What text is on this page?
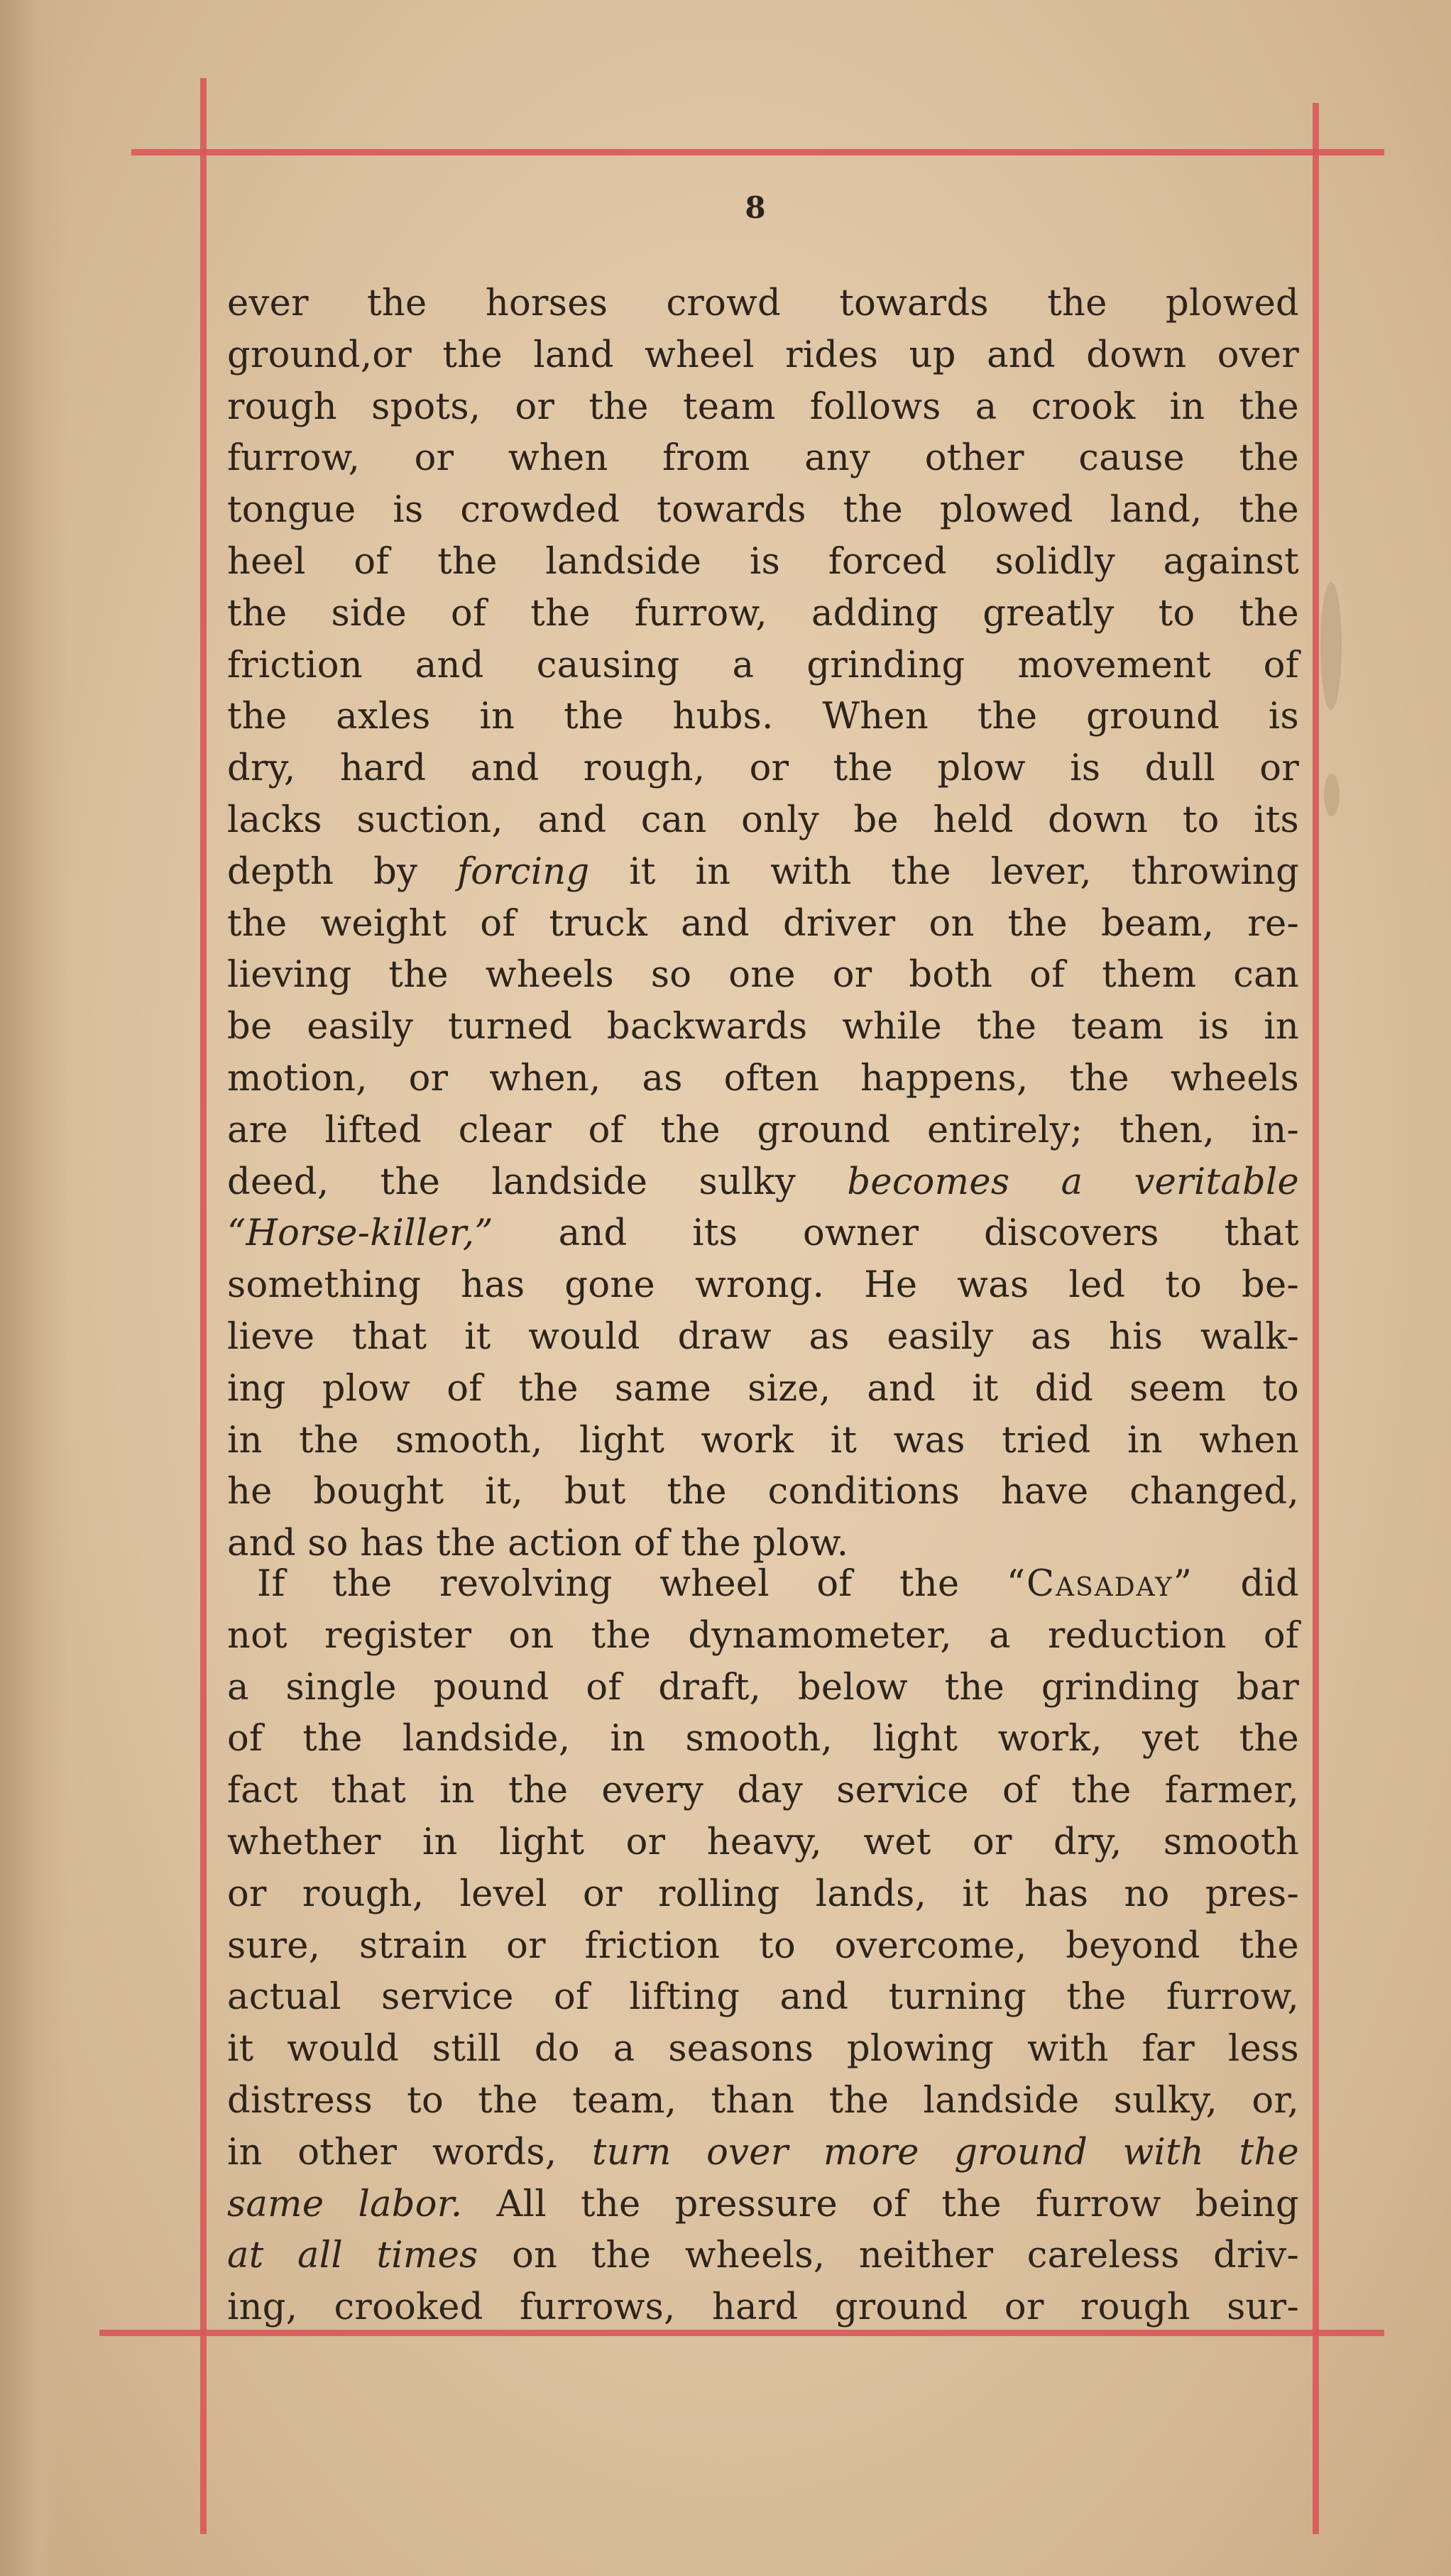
8
ever the horses crowd towards the plowed
ground,or the land wheel rides up and down over
rough spots, or the team follows a crook in the
furrow, or when from any other cause the
tongue is crowded towards the plowed land, the
heel of the landside is forced solidly against
the side of the furrow, adding greatly to the
friction and causing a grinding movement of
the axles in the hubs. When the ground is
dry, hard and rough, or the plow is dull or
lacks suction, and can only be held down to its
depth by forcing it in with the lever, throwing
the weight of truck and driver on the beam, re-
lieving the wheels so one or both of them can
be easily turned backwards while the team is in
motion, or when, as often happens, the wheels
are lifted clear of the ground entirely; then, in-
deed, the landside sulky becomes a veritable
“Horse-killer,” and its owner discovers that
something has gone wrong. He was led to be-
lieve that it would draw as easily as his walk-
ing plow of the same size, and it did seem to
in the smooth, light work it was tried in when
he bought it, but the conditions have changed,
and so has the action of the plow.
If the revolving wheel of the “Casaday” did
not register on the dynamometer, a reduction of
a single pound of draft, below the grinding bar
of the landside, in smooth, light work, yet the
fact that in the every day service of the farmer,
whether in light or heavy, wet or dry, smooth
or rough, level or rolling lands, it has no pres-
sure, strain or friction to overcome, beyond the
actual service of lifting and turning the furrow,
it would still do a seasons plowing with far less
distress to the team, than the landside sulky, or,
in other words, turn over more ground with the
same labor. All the pressure of the furrow being
at all times on the wheels, neither careless driv-
ing, crooked furrows, hard ground or rough sur-
